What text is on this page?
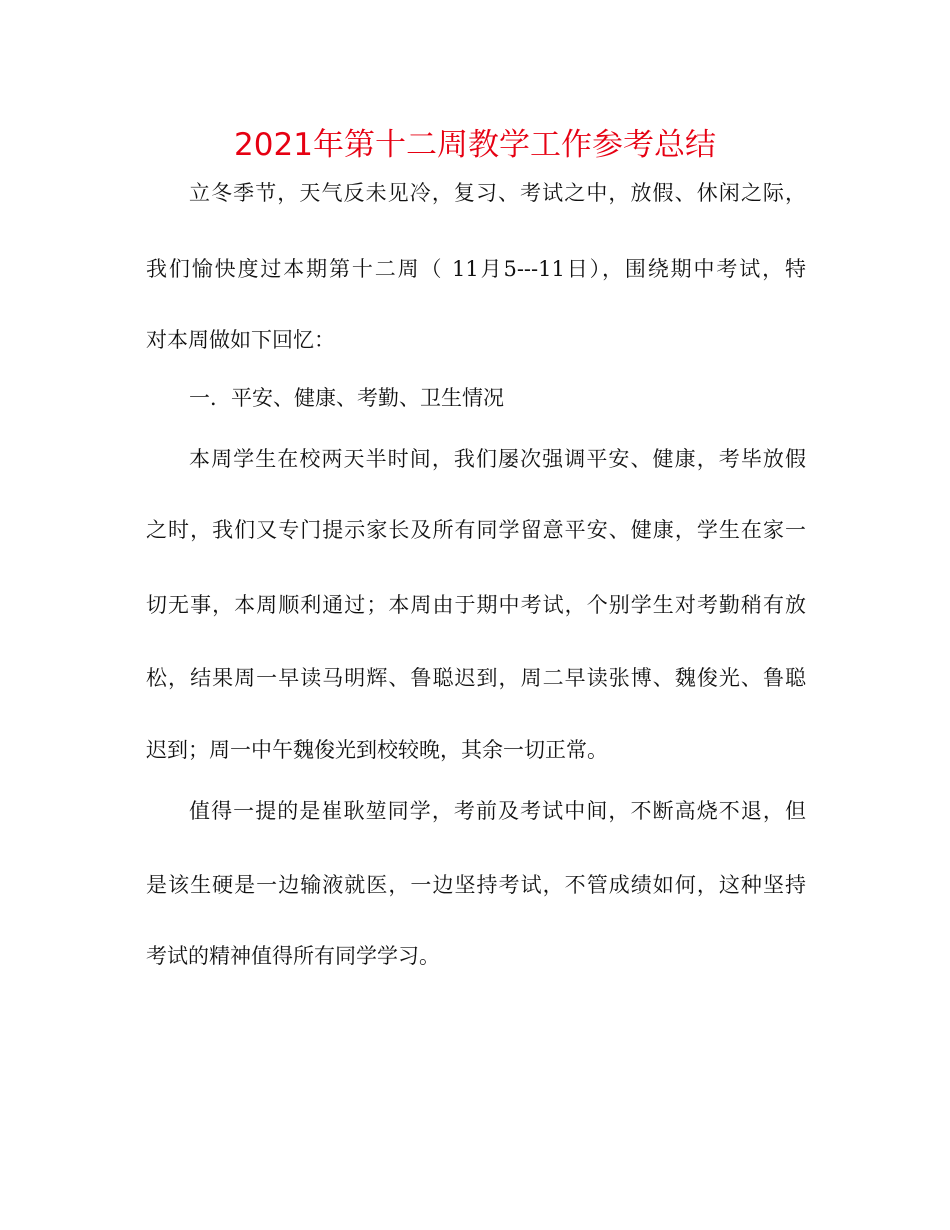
2021年第十二周教学工作参考总结
立冬季节，天气反未见冷，复习、考试之中，放假、休闲之际，
我们愉快度过本期第十二周（ 11月5---11日），围绕期中考试，特
对本周做如下回忆：
一．平安、健康、考勤、卫生情况
本周学生在校两天半时间，我们屡次强调平安、健康，考毕放假
之时，我们又专门提示家长及所有同学留意平安、健康，学生在家一
切无事，本周顺利通过；本周由于期中考试，个别学生对考勤稍有放
松，结果周一早读马明辉、鲁聪迟到，周二早读张博、魏俊光、鲁聪
迟到；周一中午魏俊光到校较晚，其余一切正常。
值得一提的是崔耿堃同学，考前及考试中间，不断高烧不退，但
是该生硬是一边输液就医，一边坚持考试，不管成绩如何，这种坚持
考试的精神值得所有同学学习。
